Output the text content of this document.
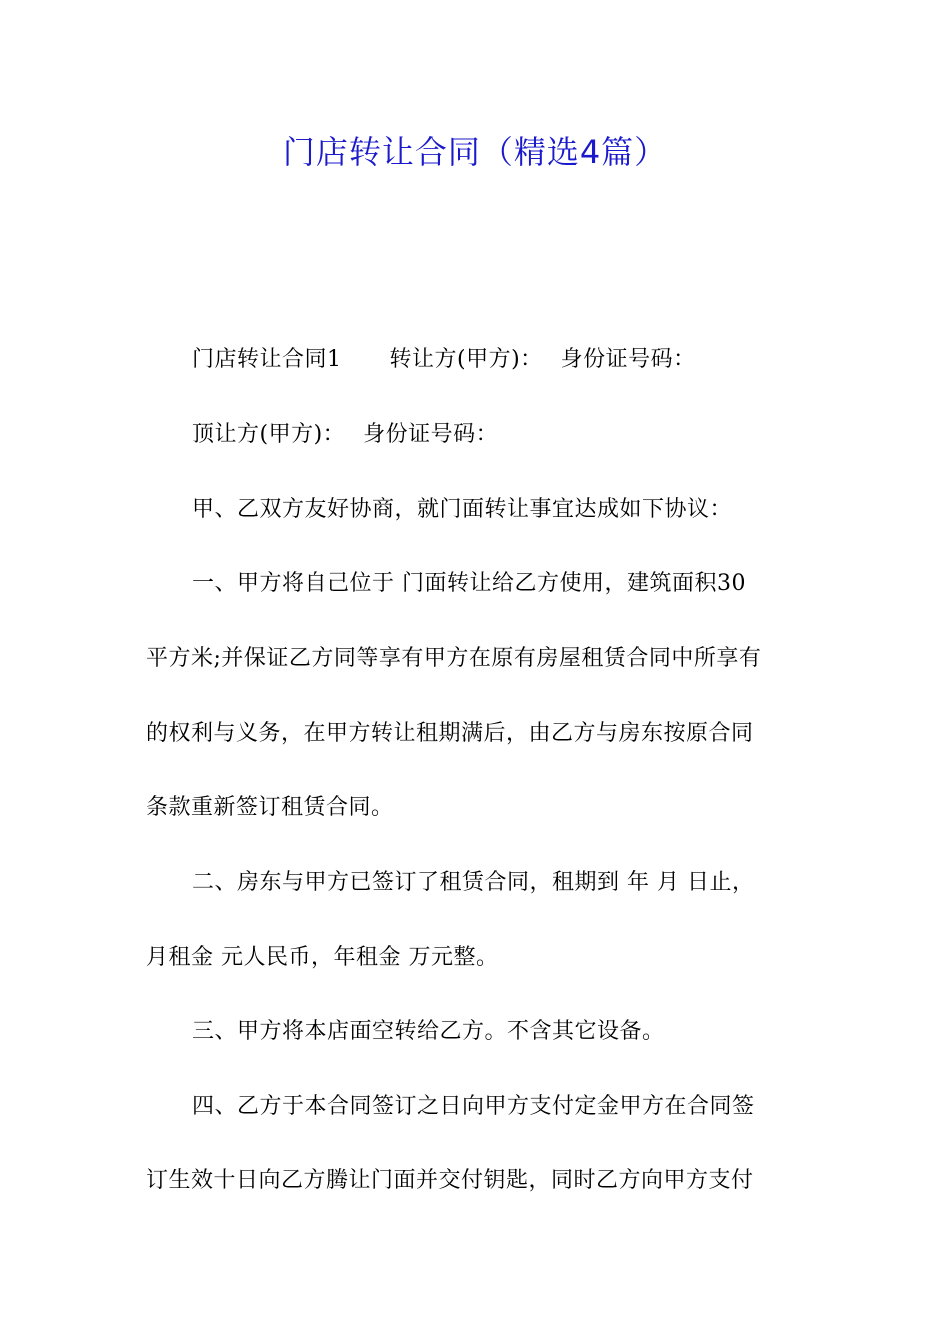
门店转让合同（精选4篇）
门店转让合同1 转让方(甲方)： 身份证号码：
顶让方(甲方)： 身份证号码：
甲、乙双方友好协商，就门面转让事宜达成如下协议：
一、甲方将自己位于 门面转让给乙方使用，建筑面积30
平方米;并保证乙方同等享有甲方在原有房屋租赁合同中所享有
的权利与义务，在甲方转让租期满后，由乙方与房东按原合同
条款重新签订租赁合同。
二、房东与甲方已签订了租赁合同，租期到 年 月 日止，
月租金 元人民币，年租金 万元整。
三、甲方将本店面空转给乙方。不含其它设备。
四、乙方于本合同签订之日向甲方支付定金甲方在合同签
订生效十日向乙方腾让门面并交付钥匙，同时乙方向甲方支付
